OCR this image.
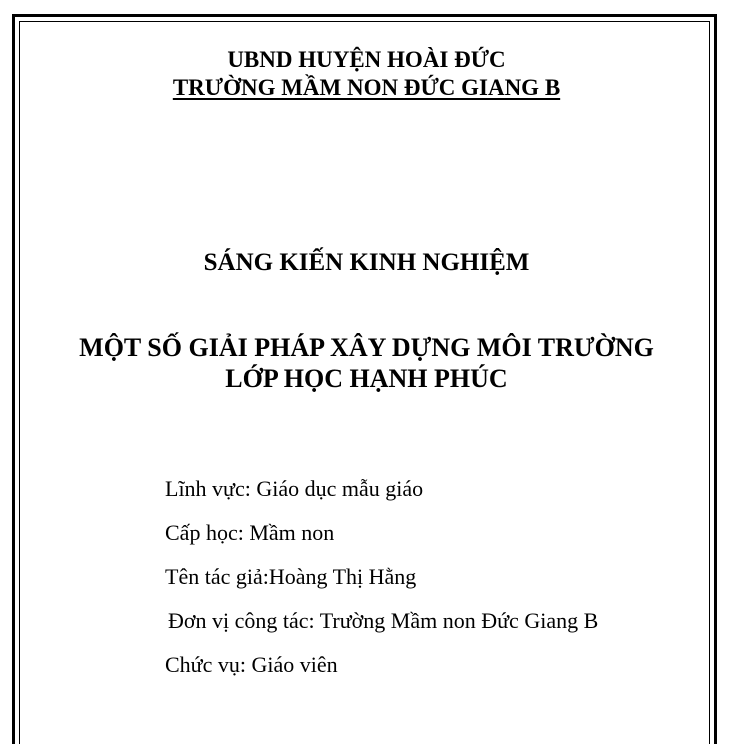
UBND HUYỆN HOÀI ĐỨC
TRƯỜNG MẦM NON ĐỨC GIANG B
SÁNG KIẾN KINH NGHIỆM
MỘT SỐ GIẢI PHÁP XÂY DỰNG MÔI TRƯỜNG
LỚP HỌC HẠNH PHÚC
Lĩnh vực: Giáo dục mẫu giáo
Cấp học: Mầm non
Tên tác giả:Hoàng Thị Hằng
Đơn vị công tác: Trường Mầm non Đức Giang B
Chức vụ: Giáo viên
